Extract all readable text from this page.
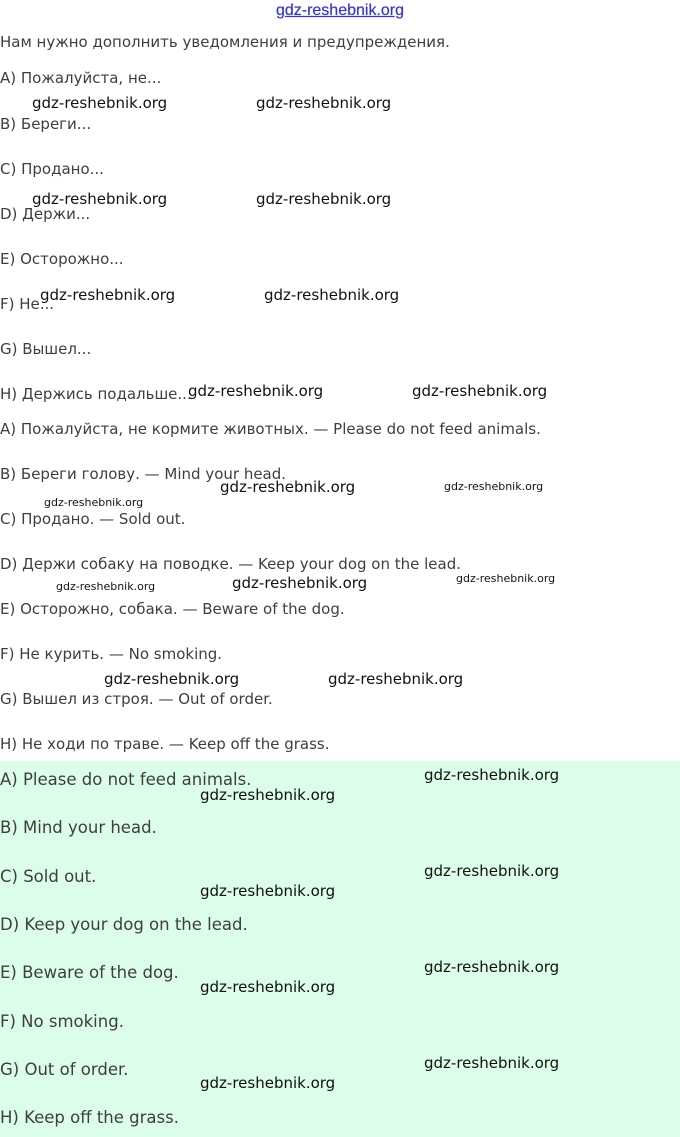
gdz-reshebnik.org
Нам нужно дополнить уведомления и предупреждения.
A) Пожалуйста, не...
B) Береги...
C) Продано...
D) Держи...
E) Осторожно...
F) Не...
G) Вышел...
H) Держись подальше...
A) Пожалуйста, не кормите животных. — Please do not feed animals.
B) Береги голову. — Mind your head.
C) Продано. — Sold out.
D) Держи собаку на поводке. — Keep your dog on the lead.
E) Осторожно, собака. — Beware of the dog.
F) Не курить. — No smoking.
G) Вышел из строя. — Out of order.
H) Не ходи по траве. — Keep off the grass.
A) Please do not feed animals.
B) Mind your head.
C) Sold out.
D) Keep your dog on the lead.
E) Beware of the dog.
F) No smoking.
G) Out of order.
H) Keep off the grass.
gdz-reshebnik.org	gdz-reshebnik.org
gdz-reshebnik.org	gdz-reshebnik.org
gdz-reshebnik.org	gdz-reshebnik.org
gdz-reshebnik.org	gdz-reshebnik.org
gdz-reshebnik.org	gdz-reshebnik.org
gdz-reshebnik.org
gdz-reshebnik.org	gdz-reshebnik.org
gdz-reshebnik.org
gdz-reshebnik.org	gdz-reshebnik.org
gdz-reshebnik.org
gdz-reshebnik.org
gdz-reshebnik.org
gdz-reshebnik.org
gdz-reshebnik.org
gdz-reshebnik.org
gdz-reshebnik.org
gdz-reshebnik.org
